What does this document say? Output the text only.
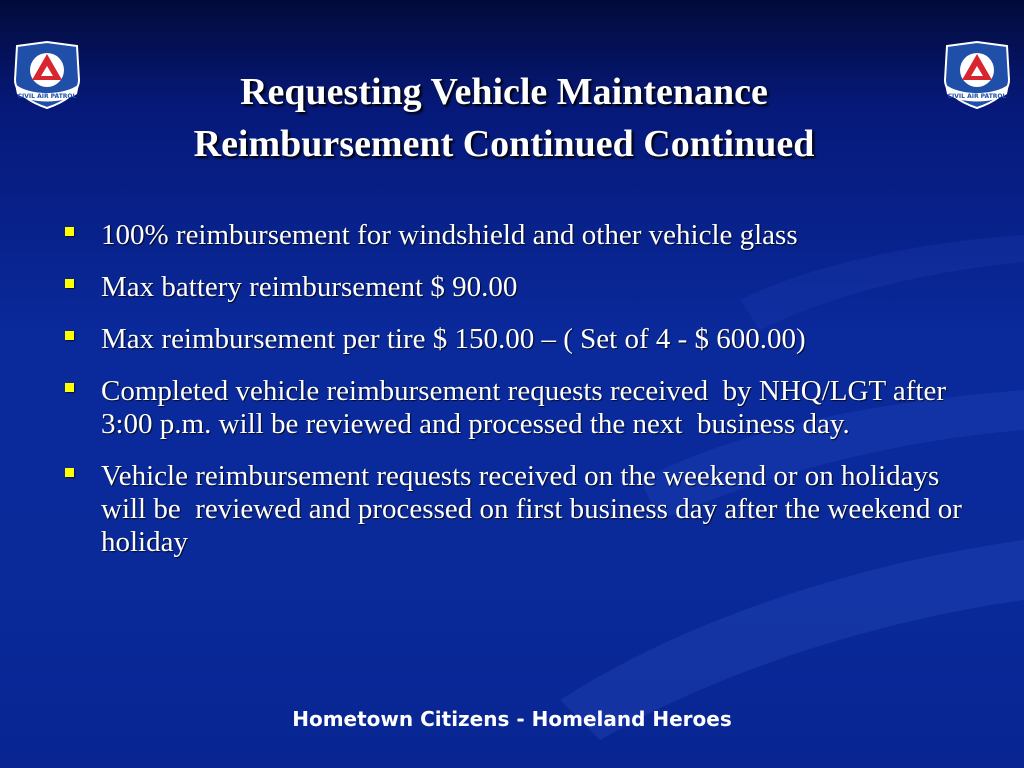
CIVIL AIR PATROL	CIVIL AIR PATROL
Requesting Vehicle Maintenance
Reimbursement Continued Continued
100% reimbursement for windshield and other vehicle glass
Max battery reimbursement $ 90.00
Max reimbursement per tire $ 150.00 – ( Set of 4 - $ 600.00)
Completed vehicle reimbursement requests received  by NHQ/LGT after 3:00 p.m. will be reviewed and processed the next  business day.
Vehicle reimbursement requests received on the weekend or on holidays will be  reviewed and processed on first business day after the weekend or holiday
Hometown Citizens - Homeland Heroes
